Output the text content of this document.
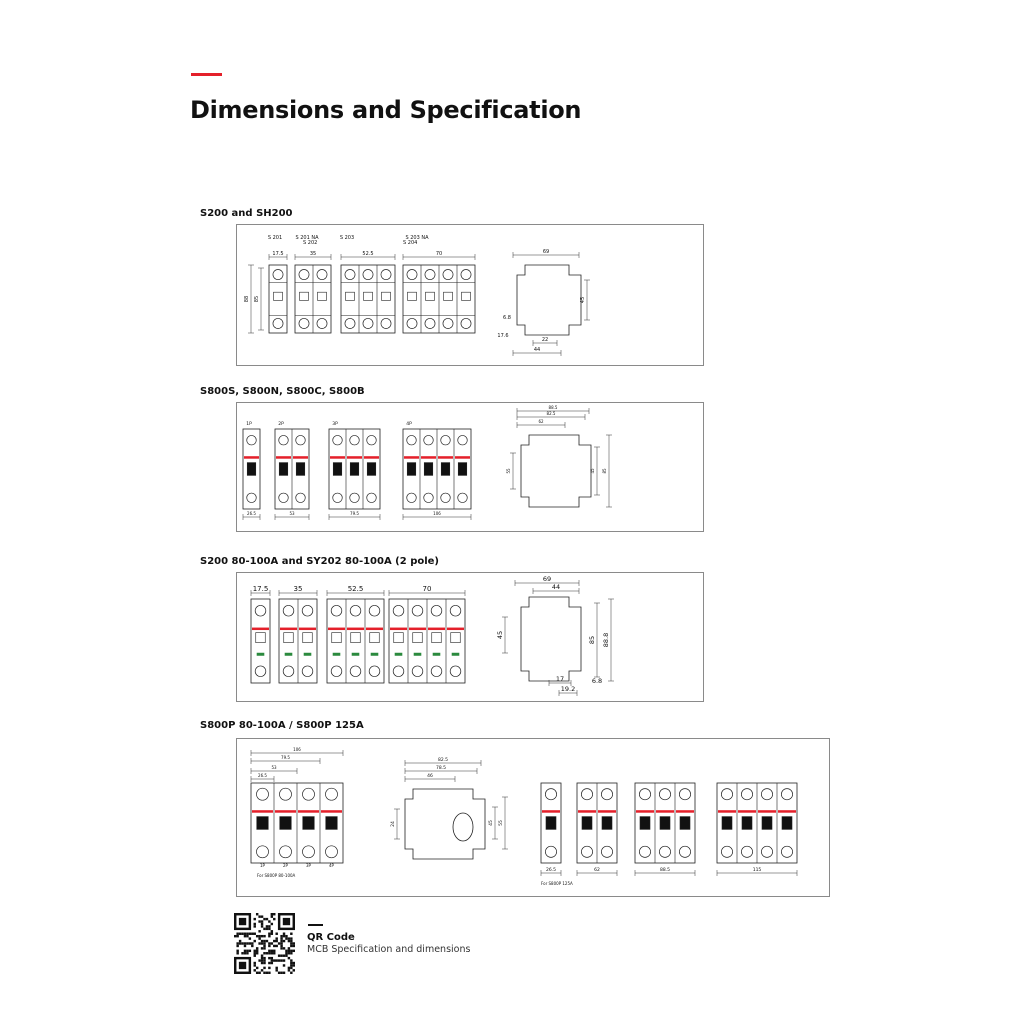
Dimensions and Specification
S200 and SH200
S 201	S 201 NA
S 202
S 203	S 203 NA
S 204
17.5	35	52.5	70
88 85
69
45
6.8
17.6
22
44
S800S, S800N, S800C, S800B
1P
26.5
2P
53
3P
79.5
4P
106
88.5
82.5
62
55	45 85
S200 80-100A and SY202 80-100A (2 pole)
17.5	35	52.5	70
69
44
45
85 88.8
17	6.8
19.2
S800P 80-100A / S800P 125A
106
79.5
53
26.5
1P	2P	3P	4P
For S800P 80-100A
82.5
78.5
46
24	45 55
26.5	62	88.5	115
For S800P 125A
QR Code
MCB Specification and dimensions
